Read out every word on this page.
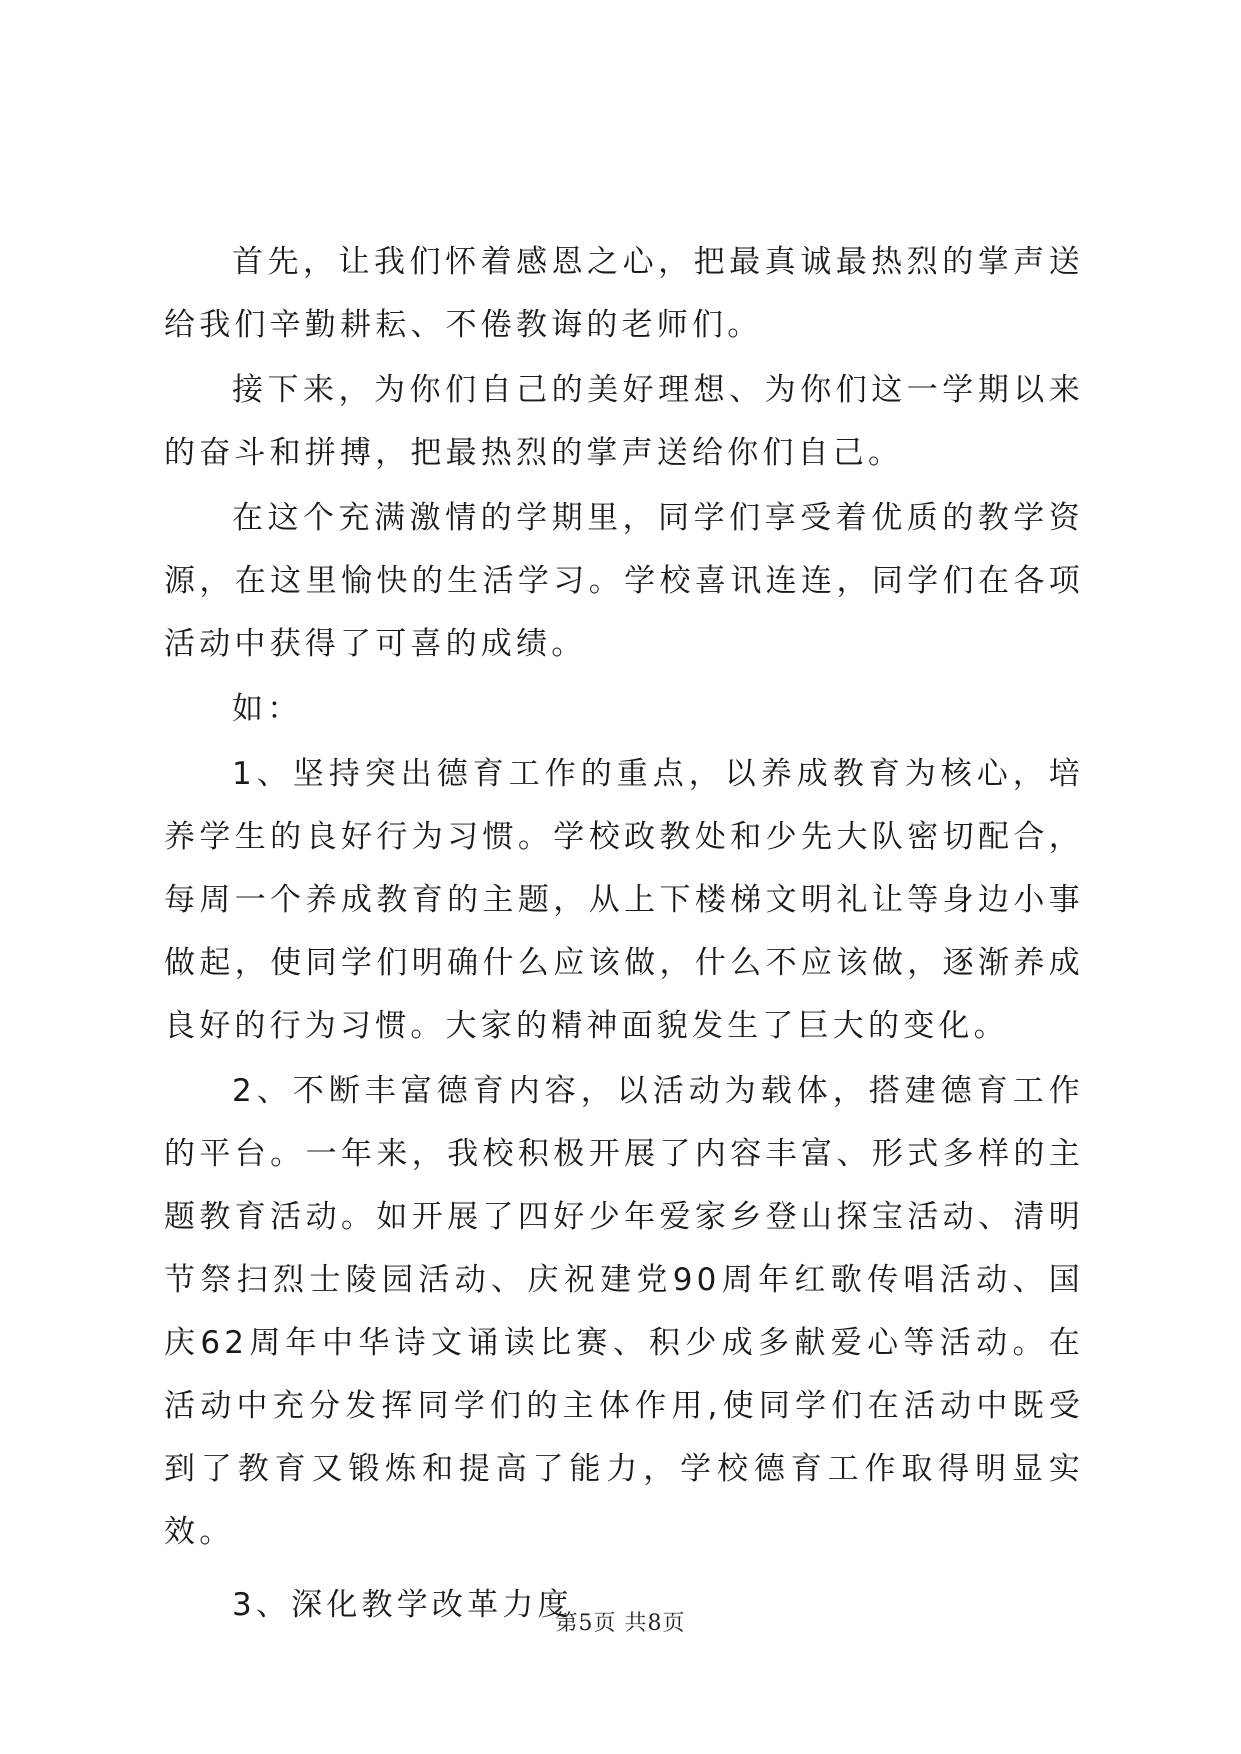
首先，让我们怀着感恩之心，把最真诚最热烈的掌声送给我们辛勤耕耘、不倦教诲的老师们。

接下来，为你们自己的美好理想、为你们这一学期以来的奋斗和拼搏，把最热烈的掌声送给你们自己。

在这个充满激情的学期里，同学们享受着优质的教学资源，在这里愉快的生活学习。学校喜讯连连，同学们在各项活动中获得了可喜的成绩。

如：

1、坚持突出德育工作的重点，以养成教育为核心，培养学生的良好行为习惯。学校政教处和少先大队密切配合，每周一个养成教育的主题，从上下楼梯文明礼让等身边小事做起，使同学们明确什么应该做，什么不应该做，逐渐养成良好的行为习惯。大家的精神面貌发生了巨大的变化。

2、不断丰富德育内容，以活动为载体，搭建德育工作的平台。一年来，我校积极开展了内容丰富、形式多样的主题教育活动。如开展了四好少年爱家乡登山探宝活动、清明节祭扫烈士陵园活动、庆祝建党90周年红歌传唱活动、国庆62周年中华诗文诵读比赛、积少成多献爱心等活动。在活动中充分发挥同学们的主体作用,使同学们在活动中既受到了教育又锻炼和提高了能力，学校德育工作取得明显实效。

3、深化教学改革力度

第5页 共8页
